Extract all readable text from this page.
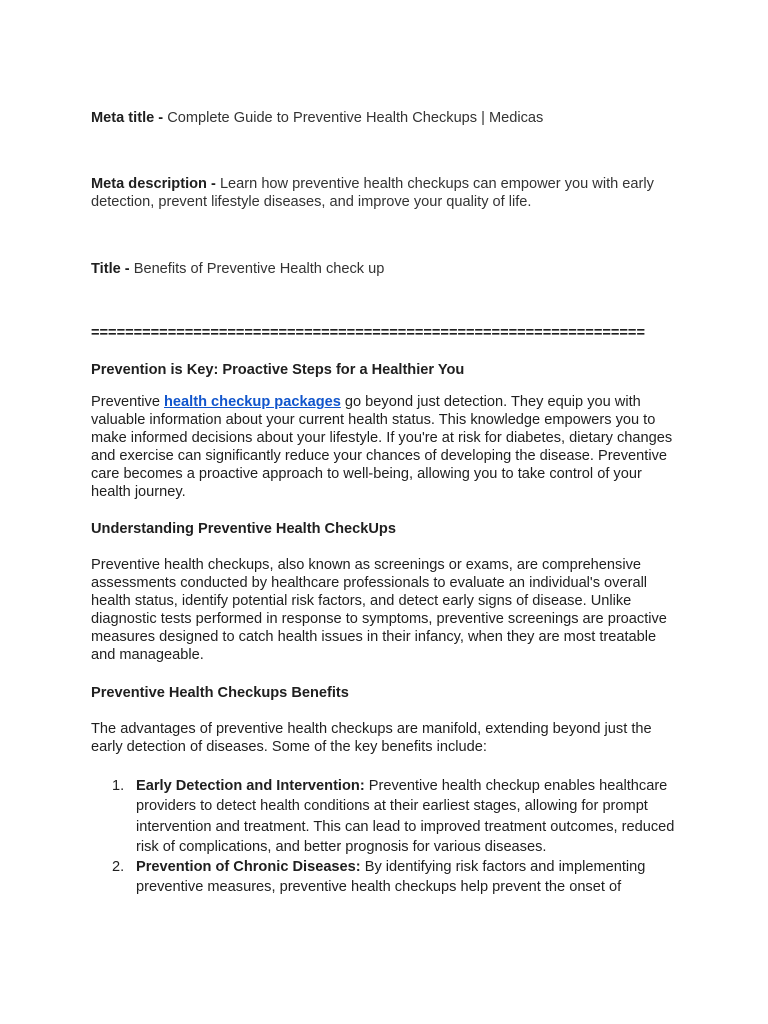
Meta title - Complete Guide to Preventive Health Checkups | Medicas

Meta description - Learn how preventive health checkups can empower you with early detection, prevent lifestyle diseases, and improve your quality of life.

Title - Benefits of Preventive Health check up

=================================================================
Prevention is Key: Proactive Steps for a Healthier You

Preventive health checkup packages go beyond just detection. They equip you with valuable information about your current health status. This knowledge empowers you to make informed decisions about your lifestyle. If you're at risk for diabetes, dietary changes and exercise can significantly reduce your chances of developing the disease. Preventive care becomes a proactive approach to well-being, allowing you to take control of your health journey.

Understanding Preventive Health CheckUps

Preventive health checkups, also known as screenings or exams, are comprehensive assessments conducted by healthcare professionals to evaluate an individual's overall health status, identify potential risk factors, and detect early signs of disease. Unlike diagnostic tests performed in response to symptoms, preventive screenings are proactive measures designed to catch health issues in their infancy, when they are most treatable and manageable.

Preventive Health Checkups Benefits

The advantages of preventive health checkups are manifold, extending beyond just the early detection of diseases. Some of the key benefits include:

1. Early Detection and Intervention: Preventive health checkup enables healthcare providers to detect health conditions at their earliest stages, allowing for prompt intervention and treatment. This can lead to improved treatment outcomes, reduced risk of complications, and better prognosis for various diseases.
2. Prevention of Chronic Diseases: By identifying risk factors and implementing preventive measures, preventive health checkups help prevent the onset of
